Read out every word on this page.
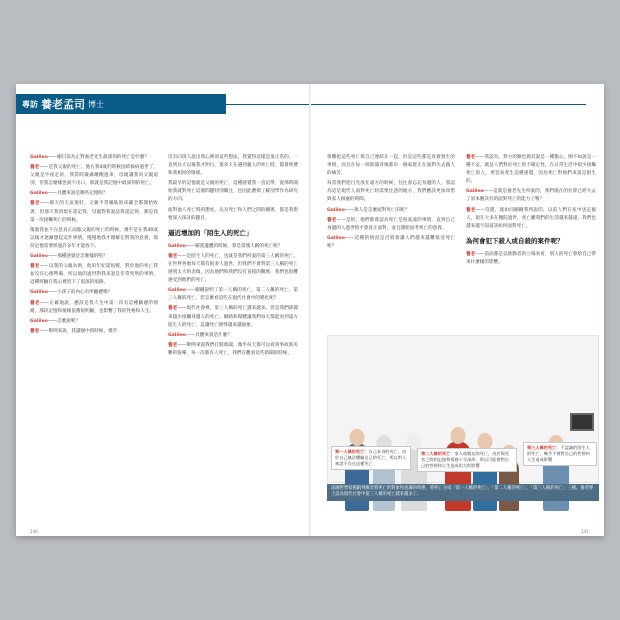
專訪 養老孟司 博士

Galileo——剛目前為止對養老先生最深刻的死亡是什麼？

養老——是我父親的死亡。他在我4歲的時候因結核病過世了，父親是半夜走的，我當時嚴肅睡醒過來，母親讓我向父親道別，但我怎麼樣也說不出口，那就是我記憶中最深刻的死亡。

Galileo——具體來說是哪些記憶呢？

養老——那天的天氣很好，父親平常躺臥的床鋪全都開始收著，但那天我到現在還記得，母親對我說話我還記得，那是我第一次接觸死亡的時候。

傷逝我並不在意真正面臨父親的死亡的時候，幾乎是在我40歲以後才逐漸想起這件事情，慢慢地我才理解它對我的意義，那份記憶需要經過許多年才能放下。

Galileo——那種感覺是怎麼樣的呢？

養老——以我的父親為例，他的年紀還很輕，對於他的死亡我並沒有心理準備，所以他的過世對我來說是非常突然的事情，這種經驗在我心裡留下了很深的痕跡。

Galileo——小孩子的內心有所顧慮嗎？

養老——正確地說，應該是我人生中第一次有這種顧慮的情緒，那段記憶和情緒依舊很明顯，也影響了我的性格和人生。

Galileo——怎麼說呢？

養老——舉例來說，我讀國中的時候，幾乎

沒有向別人說出我心裡的這些想法，我覺得這樣是很正常的，一直到長大以後我才明白，很多人在遇到親人的死亡時，都會經歷和我相同的情緒。

我最早的記憶就是父親的死亡，這種感覺我一直記得，從那時開始我就對死亡這個問題特別關注，也因此選擇了解剖學作為研究的方向。

面對他人死亡時的態度，以及死亡和人們之間的關係，都是我想要深入探討的題目。

逼近增加的「陌生人的死亡」

Galileo——解剖遺體的時候，算是第幾人稱的死亡呢？

養老——是陌生人的死亡，也就是我們所說的第三人稱的死亡。在世界各地每天都有很多人過世，但我們不會對第三人稱的死亡感到太大的悲傷，因為他們和我們沒有直接的關係，我們也很難感受到他們的死亡。

Galileo——剛剛說明了第一人稱的死亡、第二人稱的死亡，第三人稱的死亡，您怎麼看這些在現代社會中的變化呢？

養老——現代社會裡，第三人稱的死亡越來越多，但是我們卻越來越少接觸身邊人的死亡。網路和媒體讓我們每天都能看到遠方陌生人的死亡，這讓死亡變得越來越抽象。

Galileo——具體來說是什麼？

養老——舉例來說我們打開新聞，幾乎每天都可以看到事故與災難的報導，每一次都有人死亡，我們在觀看這些新聞的時候，

很難把這些死亡與自己連結在一起，但是這些都是真實發生的事情，而且在每一則新聞背後都有一個家庭正在面對失去親人的痛苦。

每當我們把目光放在遠方的時候，往往會忘記身邊的人，我認為這是現代人面對死亡時需要注意的地方，我們應該更加珍惜與家人相處的時間。

Galileo——與人是怎麼面對死亡的呢？

養老——是的，他們都會認為死亡是很遙遠的事情，直到自己身邊的人過世時才會真正面對，並且開始思考死亡的意義。

Galileo——這種的情況是否將會讓人們越來越難接受死亡呢？

養老——我認為，對方的臉色與其說是一種擔心，倒不如說是一種不安，就是人們對於死亡的不確定性，在日常生活中很少接觸死亡的人，更容易產生這種感覺，因為死亡對他們來說是陌生的。

Galileo——這就是養老先生所說的，我們現在的社會已經失去了原本應該有的面對死亡的能力了嗎？

養老——沒錯，就如同剛剛我所說的，以前人們在家中送走親人，現在大多在醫院過世，死亡離我們的生活越來越遠，我們也越來越不知道該如何面對死亡。

為何會犯下殺人或自殺的案件呢？

養老——前面都是以推動者的立場來看，別人的死亡會給自己帶來什麼樣的影響。

第一人稱的死亡：自己本身的死亡，由於自己無法體驗自己的死亡，所以對人來說不存在這種死亡
第二人稱的死亡：家人或親友的死亡，由於與死者之間的記憶和情感十分深厚，所以可能會對自己的性格和人生造成很大的影響
第三人稱的死亡：不認識的陌生人的死亡，幾乎不會對自己的性格和人生造成影響
法國哲學家楊凱列維奇將死亡的對象和意識的時態，將死亡分成「第一人稱的死亡」、「第二人稱的死亡」、「第三人稱的死亡」三種。養老博士認為現代社會中第三人稱的死亡越來越多了。
140	141
